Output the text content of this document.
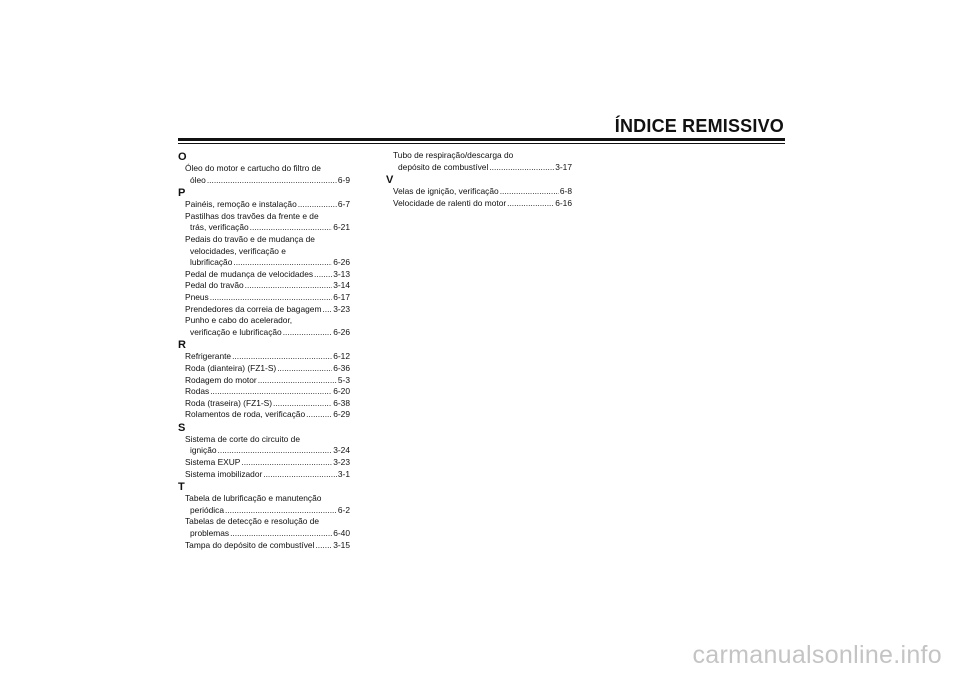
ÍNDICE REMISSIVO
O
Óleo do motor e cartucho do filtro de
óleo .....	6-9
P
Painéis, remoção e instalação .....	6-7
Pastilhas dos travões da frente e de
trás, verificação .....	6-21
Pedais do travão e de mudança de
velocidades, verificação e
lubrificação .....	6-26
Pedal de mudança de velocidades ..... 3-13
Pedal do travão .....	3-14
Pneus .....	6-17
Prendedores da correia de bagagem ..... 3-23
Punho e cabo do acelerador,
verificação e lubrificação .....	6-26
R
Refrigerante .....	6-12
Roda (dianteira) (FZ1-S) .....	6-36
Rodagem do motor .....	5-3
Rodas .....	6-20
Roda (traseira) (FZ1-S) .....	6-38
Rolamentos de roda, verificação .....	6-29
S
Sistema de corte do circuito de
ignição .....	3-24
Sistema EXUP .....	3-23
Sistema imobilizador .....	3-1
T
Tabela de lubrificação e manutenção
periódica .....	6-2
Tabelas de detecção e resolução de
problemas .....	6-40
Tampa do depósito de combustível ..... 3-15
Tubo de respiração/descarga do
depósito de combustível .....	3-17
V
Velas de ignição, verificação .....	6-8
Velocidade de ralenti do motor .....	6-16
carmanualsonline.info
